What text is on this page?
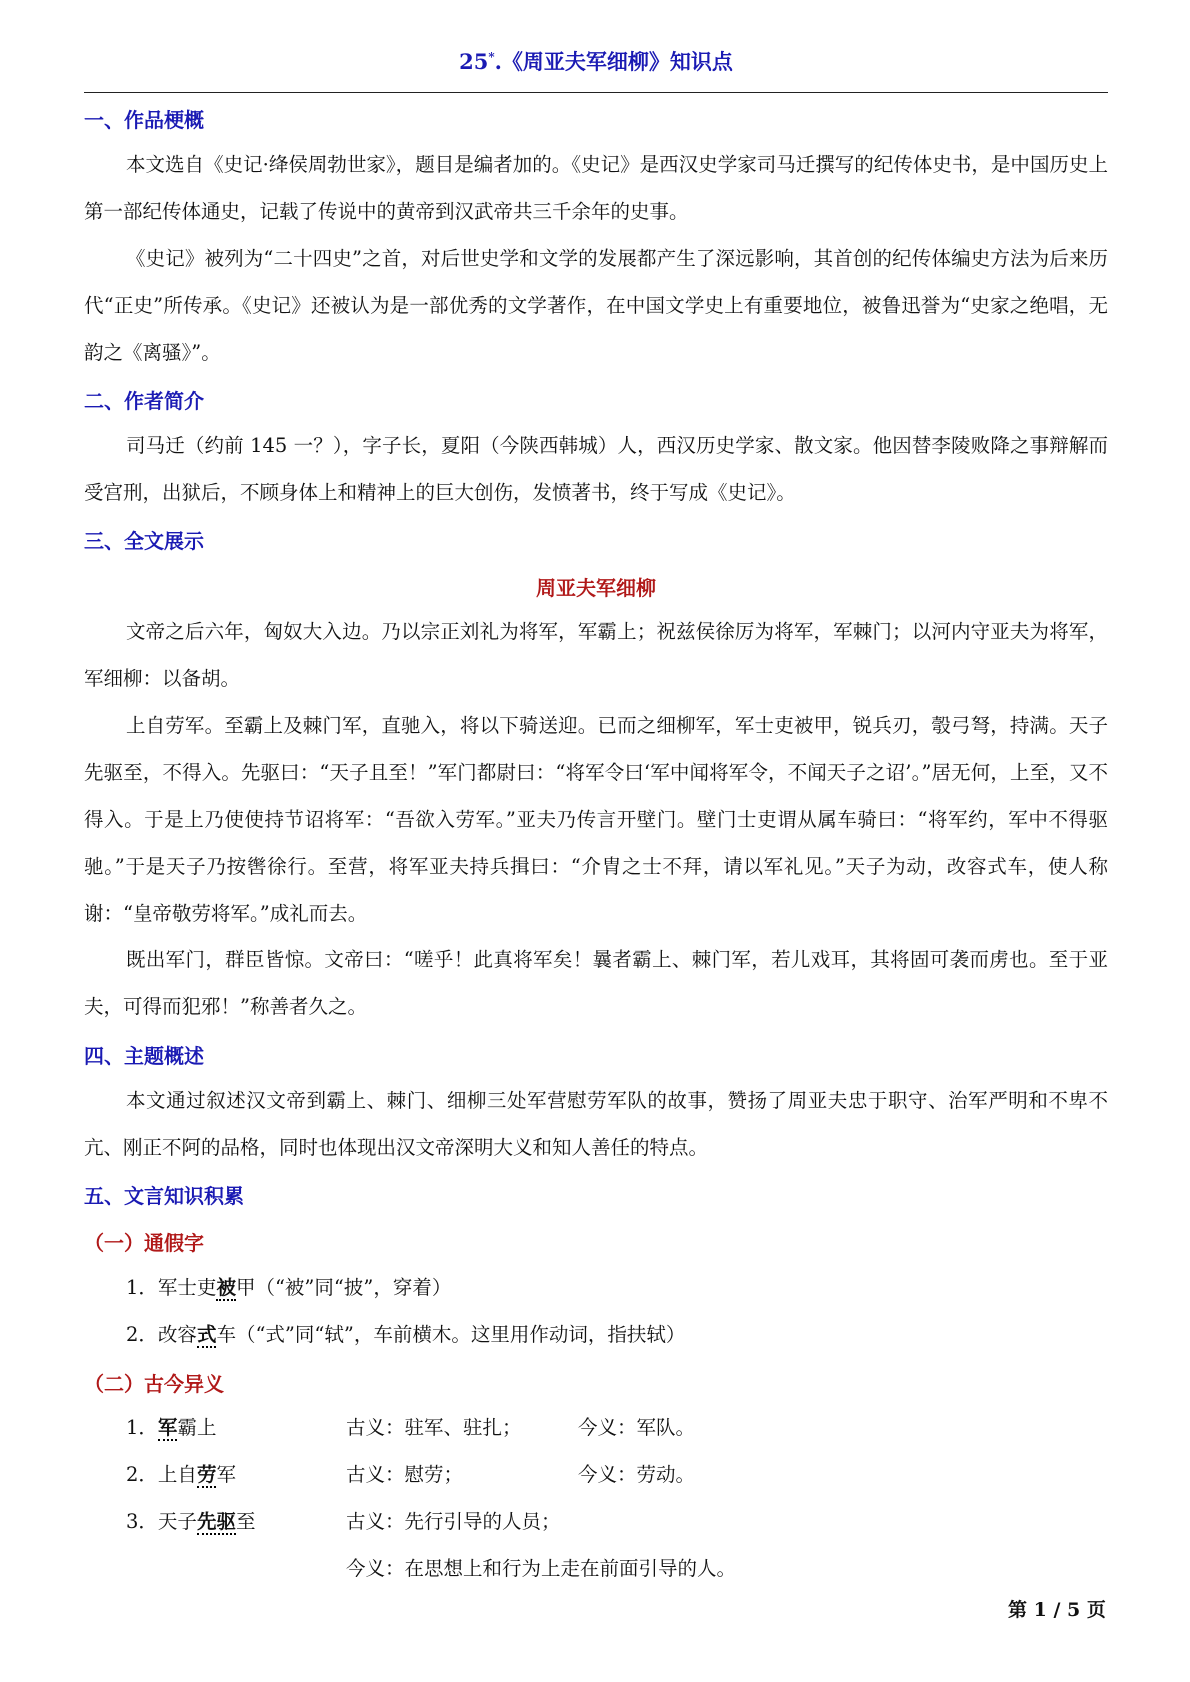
25*.《周亚夫军细柳》知识点
一、作品梗概

本文选自《史记·绛侯周勃世家》，题目是编者加的。《史记》是西汉史学家司马迁撰写的纪传体史书，是中国历史上第一部纪传体通史，记载了传说中的黄帝到汉武帝共三千余年的史事。

《史记》被列为“二十四史”之首，对后世史学和文学的发展都产生了深远影响，其首创的纪传体编史方法为后来历代“正史”所传承。《史记》还被认为是一部优秀的文学著作，在中国文学史上有重要地位，被鲁迅誉为“史家之绝唱，无韵之《离骚》”。

二、作者简介

司马迁（约前 145 一？），字子长，夏阳（今陕西韩城）人，西汉历史学家、散文家。他因替李陵败降之事辩解而受宫刑，出狱后，不顾身体上和精神上的巨大创伤，发愤著书，终于写成《史记》。

三、全文展示
周亚夫军细柳

文帝之后六年，匈奴大入边。乃以宗正刘礼为将军，军霸上；祝兹侯徐厉为将军，军棘门；以河内守亚夫为将军，军细柳：以备胡。

上自劳军。至霸上及棘门军，直驰入，将以下骑送迎。已而之细柳军，军士吏被甲，锐兵刃，彀弓弩，持满。天子先驱至，不得入。先驱曰：“天子且至！”军门都尉曰：“将军令曰‘军中闻将军令，不闻天子之诏’。”居无何，上至，又不得入。于是上乃使使持节诏将军：“吾欲入劳军。”亚夫乃传言开壁门。壁门士吏谓从属车骑曰：“将军约，军中不得驱驰。”于是天子乃按辔徐行。至营，将军亚夫持兵揖曰：“介胄之士不拜，请以军礼见。”天子为动，改容式车，使人称谢：“皇帝敬劳将军。”成礼而去。

既出军门，群臣皆惊。文帝曰：“嗟乎！此真将军矣！曩者霸上、棘门军，若儿戏耳，其将固可袭而虏也。至于亚夫，可得而犯邪！”称善者久之。

四、主题概述

本文通过叙述汉文帝到霸上、棘门、细柳三处军营慰劳军队的故事，赞扬了周亚夫忠于职守、治军严明和不卑不亢、刚正不阿的品格，同时也体现出汉文帝深明大义和知人善任的特点。

五、文言知识积累
（一）通假字
1．军士吏被甲（“被”同“披”，穿着）
2．改容式车（“式”同“轼”，车前横木。这里用作动词，指扶轼）
（二）古今异义
1．军霸上	古义：驻军、驻扎；	今义：军队。
2．上自劳军	古义：慰劳；	今义：劳动。
3．天子先驱至	古义：先行引导的人员；
今义：在思想上和行为上走在前面引导的人。
第 1 / 5 页
